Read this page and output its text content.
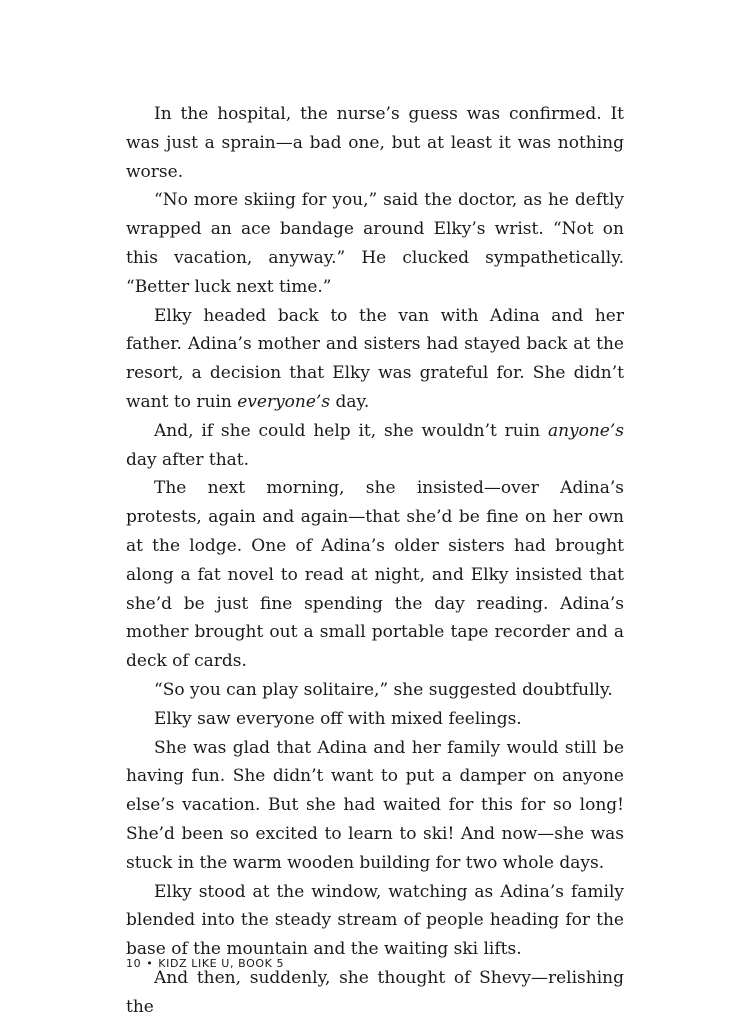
In the hospital, the nurse’s guess was confirmed. It was just a sprain—a bad one, but at least it was nothing worse.

“No more skiing for you,” said the doctor, as he deftly wrapped an ace bandage around Elky’s wrist. “Not on this vacation, anyway.” He clucked sympathetically. “Better luck next time.”

Elky headed back to the van with Adina and her father. Adina’s mother and sisters had stayed back at the resort, a decision that Elky was grateful for. She didn’t want to ruin everyone’s day.

And, if she could help it, she wouldn’t ruin anyone’s day after that.

The next morning, she insisted—over Adina’s protests, again and again—that she’d be fine on her own at the lodge. One of Adina’s older sisters had brought along a fat novel to read at night, and Elky insisted that she’d be just fine spending the day reading. Adina’s mother brought out a small portable tape recorder and a deck of cards.

“So you can play solitaire,” she suggested doubtfully.

Elky saw everyone off with mixed feelings.

She was glad that Adina and her family would still be having fun. She didn’t want to put a damper on anyone else’s vacation. But she had waited for this for so long! She’d been so excited to learn to ski! And now—she was stuck in the warm wooden building for two whole days.

Elky stood at the window, watching as Adina’s family blended into the steady stream of people heading for the base of the mountain and the waiting ski lifts.

And then, suddenly, she thought of Shevy—relishing the

10 • KIDZ LIKE U, BOOK 5
